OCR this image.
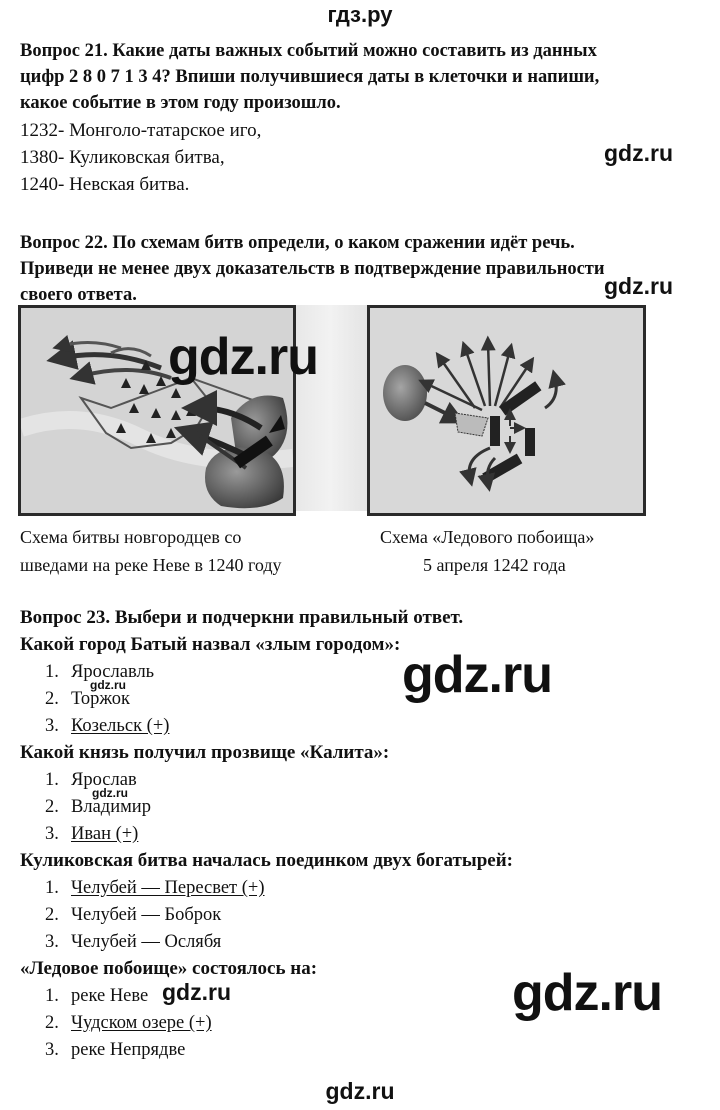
гдз.ру
Вопрос 21. Какие даты важных событий можно составить из данных
цифр 2 8 0 7 1 3 4? Впиши получившиеся даты в клеточки и напиши,
какое событие в этом году произошло.
1232- Монголо-татарское иго,
1380- Куликовская битва,
1240- Невская битва.
gdz.ru
Вопрос 22. По схемам битв определи, о каком сражении идёт речь.
Приведи не менее двух доказательств в подтверждение правильности
своего ответа.	gdz.ru
gdz.ru
Схема битвы новгородцев со
шведами на реке Неве в 1240 году
Схема «Ледового побоища»
5 апреля 1242 года
Вопрос 23. Выбери и подчеркни правильный ответ.
Какой город Батый назвал «злым городом»:
1. Ярославль
2. Торжок
3. Козельск (+)
gdz.ru	gdz.ru
Какой князь получил прозвище «Калита»:
1. Ярослав
2. Владимир
3. Иван (+)
gdz.ru
Куликовская битва началась поединком двух богатырей:
1. Челубей — Пересвет (+)
2. Челубей — Боброк
3. Челубей — Ослябя
«Ледовое побоище» состоялось на:
1. реке Неве
2. Чудском озере (+)
3. реке Непрядве
gdz.ru	gdz.ru
gdz.ru
